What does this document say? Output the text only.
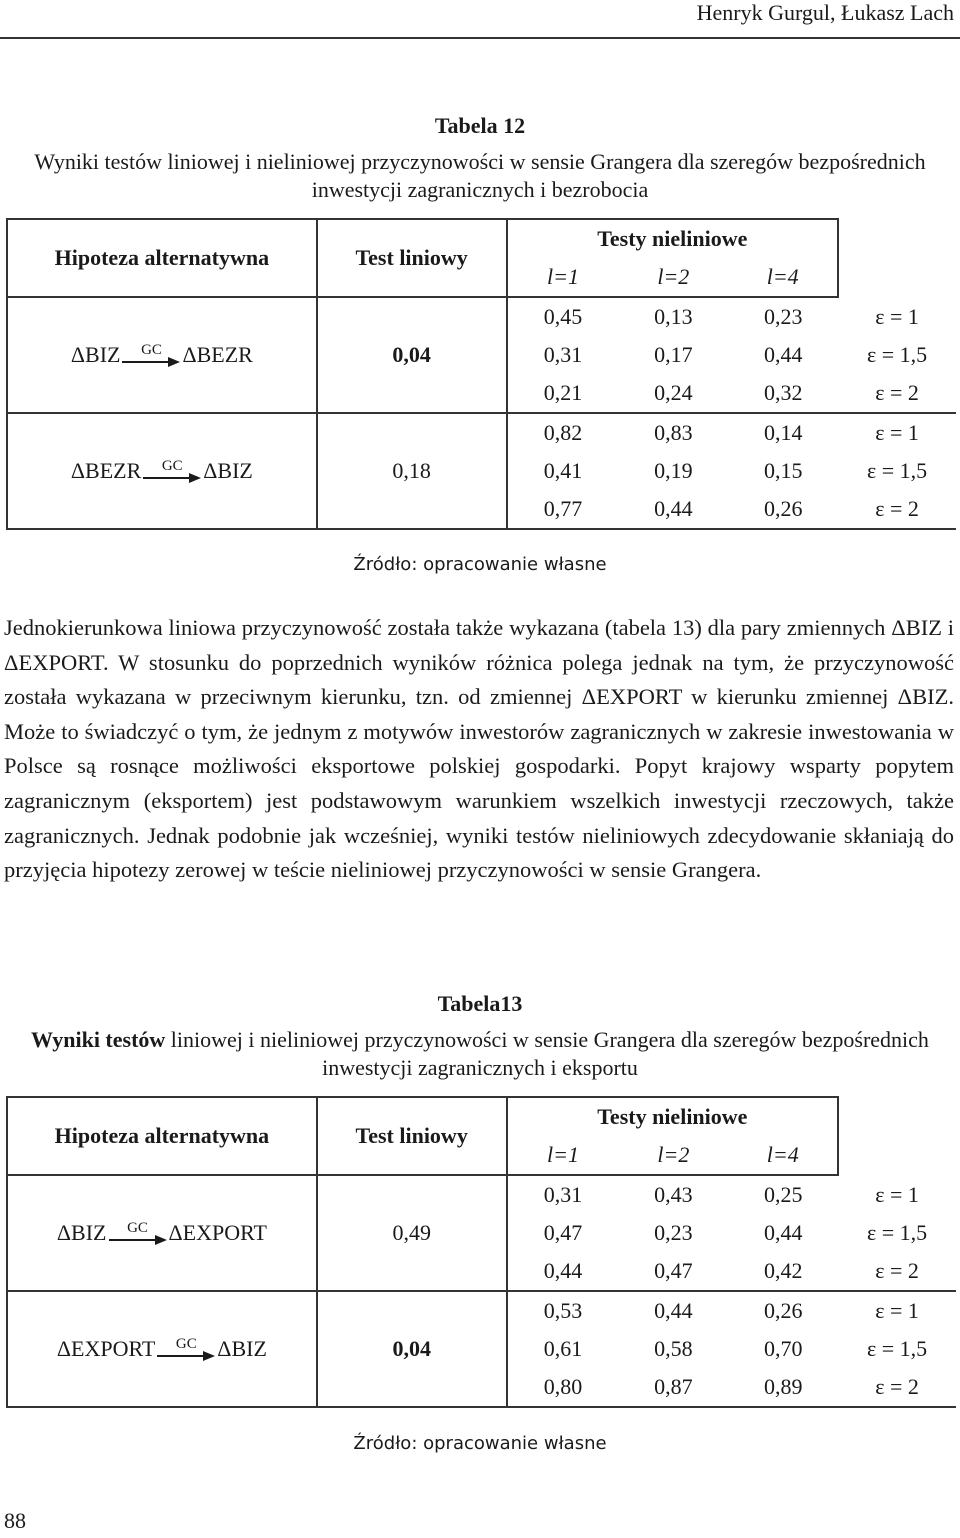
Henryk Gurgul, Łukasz Lach
Tabela 12
Wyniki testów liniowej i nieliniowej przyczynowości w sensie Grangera dla szeregów bezpośrednich inwestycji zagranicznych i bezrobocia
Hipoteza alternatywna	Test liniowy	Testy nieliniowe			
		l=1	l=2	l=4	

ΔBIZ GC ΔBEZR	0,04	0,45	0,13	0,23	ε = 1
		0,31	0,17	0,44	ε = 1,5
		0,21	0,24	0,32	ε = 2

ΔBEZR GC ΔBIZ	0,18	0,82	0,83	0,14	ε = 1
		0,41	0,19	0,15	ε = 1,5
		0,77	0,44	0,26	ε = 2
Źródło: opracowanie własne
Jednokierunkowa liniowa przyczynowość została także wykazana (tabela 13) dla pary zmiennych ΔBIZ i ΔEXPORT. W stosunku do poprzednich wyników różnica polega jednak na tym, że przyczynowość została wykazana w przeciwnym kierunku, tzn. od zmiennej ΔEXPORT w kierunku zmiennej ΔBIZ. Może to świadczyć o tym, że jednym z motywów inwestorów zagranicznych w zakresie inwestowania w Polsce są rosnące możliwości eksportowe polskiej gospodarki. Popyt krajowy wsparty popytem zagranicznym (eksportem) jest podstawowym warunkiem wszelkich inwestycji rzeczowych, także zagranicznych. Jednak podobnie jak wcześniej, wyniki testów nieliniowych zdecydowanie skłaniają do przyjęcia hipotezy zerowej w teście nieliniowej przyczynowości w sensie Grangera.
Tabela13
Wyniki testów liniowej i nieliniowej przyczynowości w sensie Grangera dla szeregów bezpośrednich inwestycji zagranicznych i eksportu
Hipoteza alternatywna	Test liniowy	Testy nieliniowe			
		l=1	l=2	l=4	

ΔBIZ GC ΔEXPORT	0,49	0,31	0,43	0,25	ε = 1
		0,47	0,23	0,44	ε = 1,5
		0,44	0,47	0,42	ε = 2

ΔEXPORT GC ΔBIZ	0,04	0,53	0,44	0,26	ε = 1
		0,61	0,58	0,70	ε = 1,5
		0,80	0,87	0,89	ε = 2
Źródło: opracowanie własne
88
